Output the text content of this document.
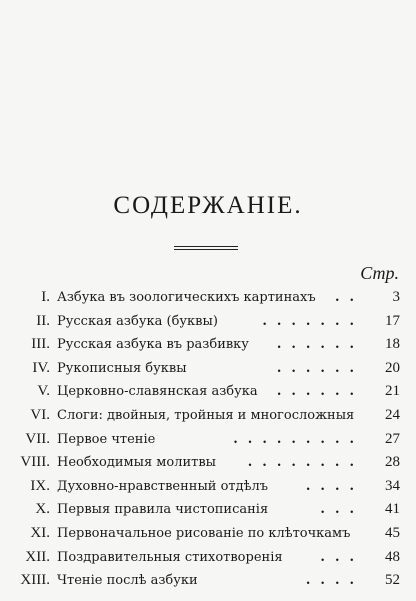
СОДЕРЖАНІЕ.
Стр.
I. Азбука въ зоологическихъ картинахъ .. 3
II. Русская азбука (буквы)	....... 17
III. Русская азбука въ разбивку ...... 18
IV. Рукописныя буквы	...... 20
V. Церковно-славянская азбука ...... 21
VI. Слоги: двойныя, тройныя и многосложныя 24
VII. Первое чтеніе	......... 27
VIII. Необходимыя молитвы ........ 28
IX. Духовно-нравственный отдѣлъ	.... 34
X. Первыя правила чистописанія	... 41
XI. Первоначальное рисованіе по клѣточкамъ 45
XII. Поздравительныя стихотворенія	... 48
XIII. Чтеніе послѣ азбуки	.... 52
